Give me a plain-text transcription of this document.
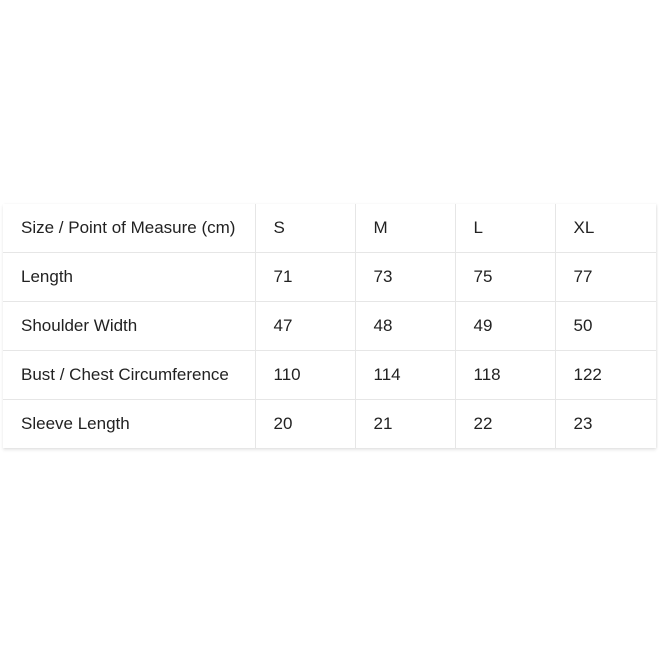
Size / Point of Measure (cm)	S	M	L	XL
Length	71	73	75	77
Shoulder Width	47	48	49	50
Bust / Chest Circumference	110	114	118	122
Sleeve Length	20	21	22	23
